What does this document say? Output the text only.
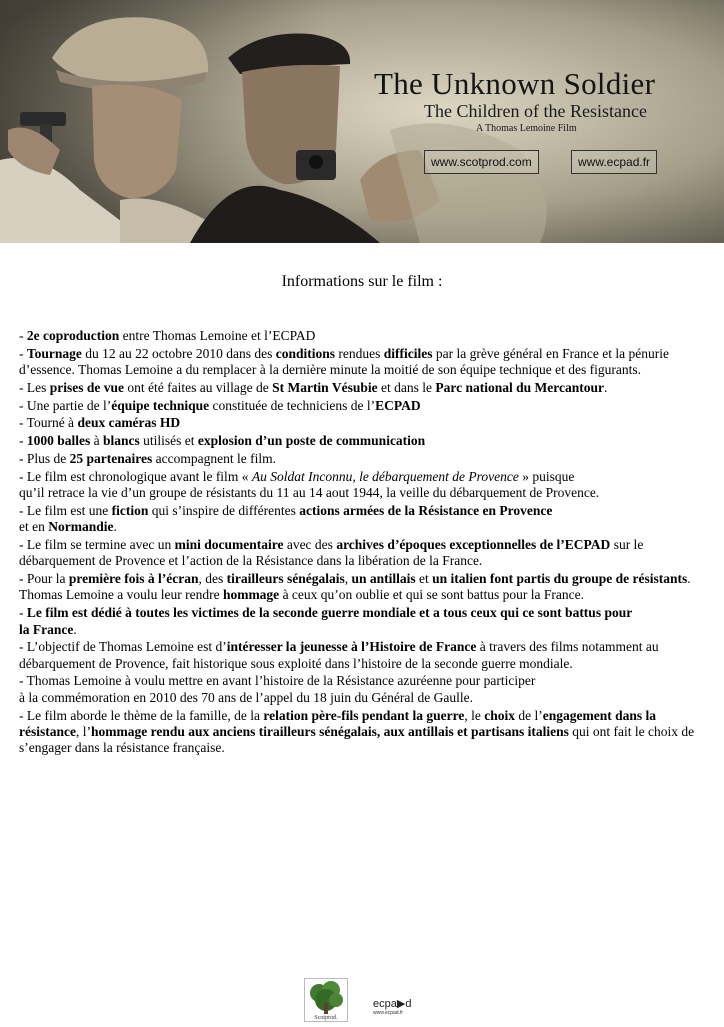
The Unknown Soldier
The Children of the Resistance
A Thomas Lemoine Film
www.scotprod.com	www.ecpad.fr
Informations sur le film :

- 2e coproduction entre Thomas Lemoine et l’ECPAD

- Tournage du 12 au 22 octobre 2010 dans des conditions rendues difficiles par la grève général en France et la pénurie d’essence. Thomas Lemoine a du remplacer à la dernière minute la moitié de son équipe technique et des figurants.

- Les prises de vue ont été faites au village de St Martin Vésubie et dans le Parc national du Mercantour.

- Une partie de l’équipe technique constituée de techniciens de l’ECPAD

- Tourné à deux caméras HD

- 1000 balles à blancs utilisés et explosion d’un poste de communication

- Plus de 25 partenaires accompagnent le film.

- Le film est chronologique avant le film « Au Soldat Inconnu, le débarquement de Provence » puisque
qu’il retrace la vie d’un groupe de résistants du 11 au 14 aout 1944, la veille du débarquement de Provence.

- Le film est une fiction qui s’inspire de différentes actions armées de la Résistance en Provence
et en Normandie.

- Le film se termine avec un mini documentaire avec des archives d’époques exceptionnelles de l’ECPAD sur le débarquement de Provence et l’action de la Résistance dans la libération de la France.

- Pour la première fois à l’écran, des tirailleurs sénégalais, un antillais et un italien font partis du groupe de résistants. Thomas Lemoine a voulu leur rendre hommage à ceux qu’on oublie et qui se sont battus pour la France.

- Le film est dédié à toutes les victimes de la seconde guerre mondiale et a tous ceux qui ce sont battus pour
la France.

- L’objectif de Thomas Lemoine est d’intéresser la jeunesse à l’Histoire de France à travers des films notamment au débarquement de Provence, fait historique sous exploité dans l’histoire de la seconde guerre mondiale.

- Thomas Lemoine à voulu mettre en avant l’histoire de la Résistance azuréenne pour participer
à la commémoration en 2010 des 70 ans de l’appel du 18 juin du Général de Gaulle.

- Le film aborde le thème de la famille, de la relation père-fils pendant la guerre, le choix de l’engagement dans la résistance, l’hommage rendu aux anciens tirailleurs sénégalais, aux antillais et partisans italiens qui ont fait le choix de s’engager dans la résistance française.

Scotprod.
ecpa▶d
www.ecpad.fr
